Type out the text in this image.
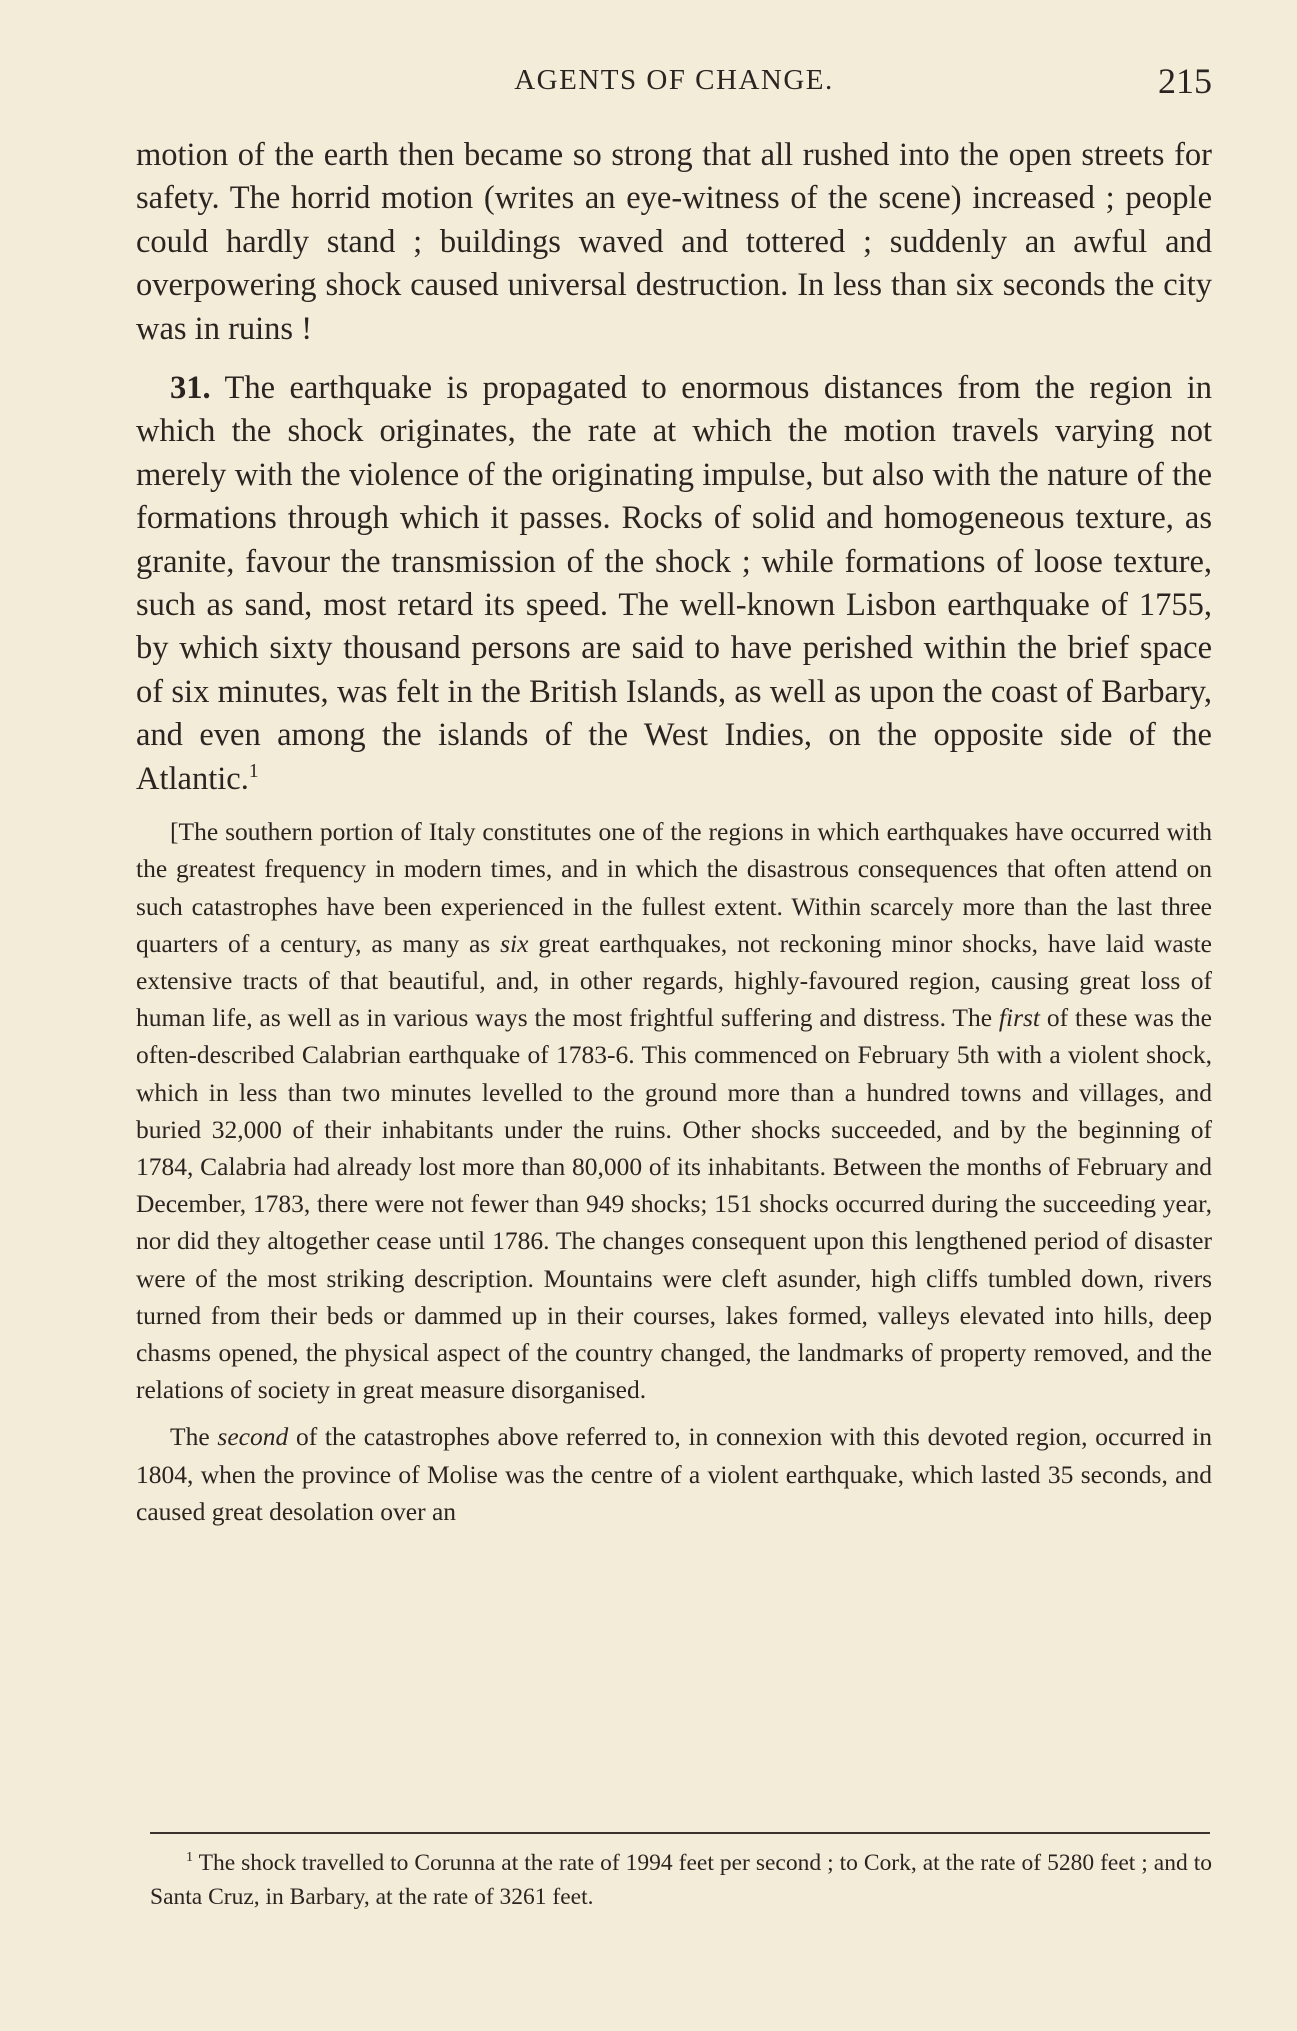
AGENTS OF CHANGE.	215

motion of the earth then became so strong that all rushed into the open streets for safety. The horrid motion (writes an eye-witness of the scene) increased ; people could hardly stand ; buildings waved and tottered ; suddenly an awful and overpowering shock caused universal destruction. In less than six seconds the city was in ruins !

31. The earthquake is propagated to enormous distances from the region in which the shock originates, the rate at which the motion travels varying not merely with the violence of the originating impulse, but also with the nature of the formations through which it passes. Rocks of solid and homogeneous texture, as granite, favour the transmission of the shock ; while formations of loose texture, such as sand, most retard its speed. The well-known Lisbon earthquake of 1755, by which sixty thousand persons are said to have perished within the brief space of six minutes, was felt in the British Islands, as well as upon the coast of Barbary, and even among the islands of the West Indies, on the opposite side of the Atlantic.$^1$

[The southern portion of Italy constitutes one of the regions in which earthquakes have occurred with the greatest frequency in modern times, and in which the disastrous consequences that often attend on such catastrophes have been experienced in the fullest extent. Within scarcely more than the last three quarters of a century, as many as six great earthquakes, not reckoning minor shocks, have laid waste extensive tracts of that beautiful, and, in other regards, highly-favoured region, causing great loss of human life, as well as in various ways the most frightful suffering and distress. The first of these was the often-described Calabrian earthquake of 1783-6. This commenced on February 5th with a violent shock, which in less than two minutes levelled to the ground more than a hundred towns and villages, and buried 32,000 of their inhabitants under the ruins. Other shocks succeeded, and by the beginning of 1784, Calabria had already lost more than 80,000 of its inhabitants. Between the months of February and December, 1783, there were not fewer than 949 shocks; 151 shocks occurred during the succeeding year, nor did they altogether cease until 1786. The changes consequent upon this lengthened period of disaster were of the most striking description. Mountains were cleft asunder, high cliffs tumbled down, rivers turned from their beds or dammed up in their courses, lakes formed, valleys elevated into hills, deep chasms opened, the physical aspect of the country changed, the landmarks of property removed, and the relations of society in great measure disorganised.

The second of the catastrophes above referred to, in connexion with this devoted region, occurred in 1804, when the province of Molise was the centre of a violent earthquake, which lasted 35 seconds, and caused great desolation over an

$^1$ The shock travelled to Corunna at the rate of 1994 feet per second ; to Cork, at the rate of 5280 feet ; and to Santa Cruz, in Barbary, at the rate of 3261 feet.
